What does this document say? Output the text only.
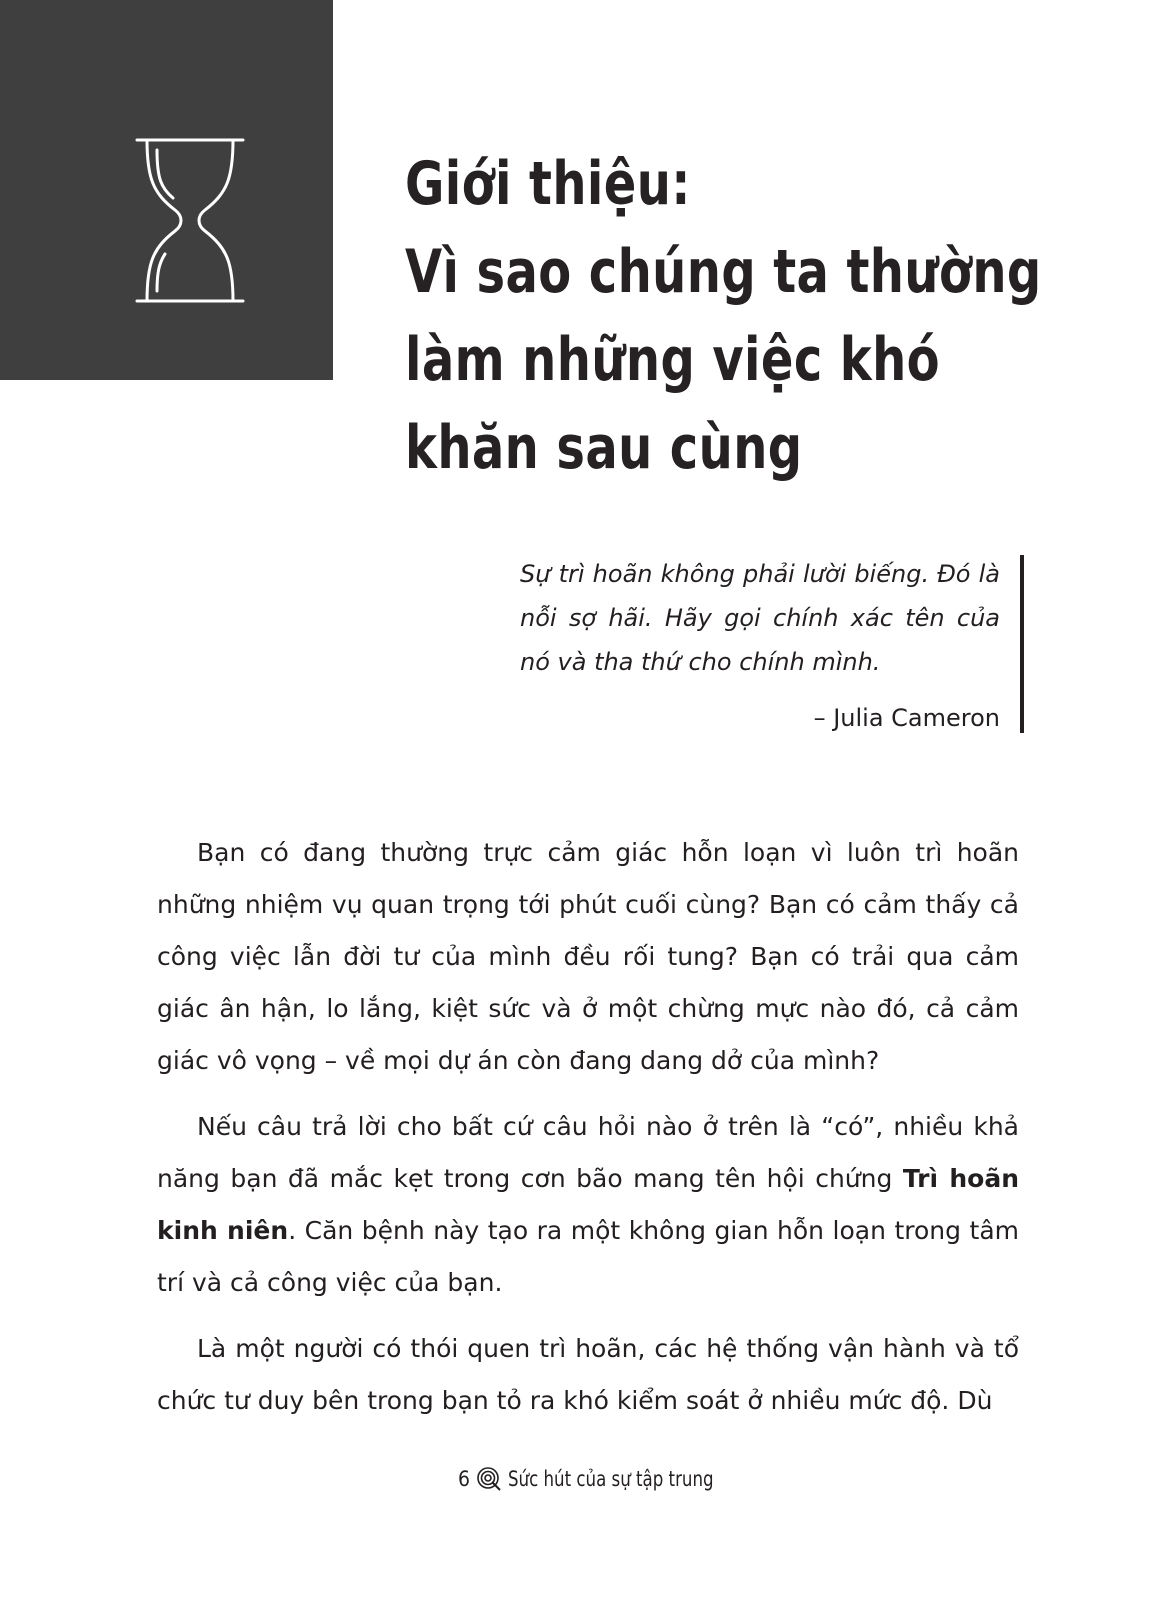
Giới thiệu:
Vì sao chúng ta thường
làm những việc khó
khăn sau cùng
Sự trì hoãn không phải lười biếng. Đó là nỗi sợ hãi. Hãy gọi chính xác tên của nó và tha thứ cho chính mình.
– Julia Cameron

Bạn có đang thường trực cảm giác hỗn loạn vì luôn trì hoãn những nhiệm vụ quan trọng tới phút cuối cùng? Bạn có cảm thấy cả công việc lẫn đời tư của mình đều rối tung? Bạn có trải qua cảm giác ân hận, lo lắng, kiệt sức và ở một chừng mực nào đó, cả cảm giác vô vọng – về mọi dự án còn đang dang dở của mình?

Nếu câu trả lời cho bất cứ câu hỏi nào ở trên là “có”, nhiều khả năng bạn đã mắc kẹt trong cơn bão mang tên hội chứng Trì hoãn kinh niên. Căn bệnh này tạo ra một không gian hỗn loạn trong tâm trí và cả công việc của bạn.

Là một người có thói quen trì hoãn, các hệ thống vận hành và tổ chức tư duy bên trong bạn tỏ ra khó kiểm soát ở nhiều mức độ. Dù

6 Sức hút của sự tập trung
